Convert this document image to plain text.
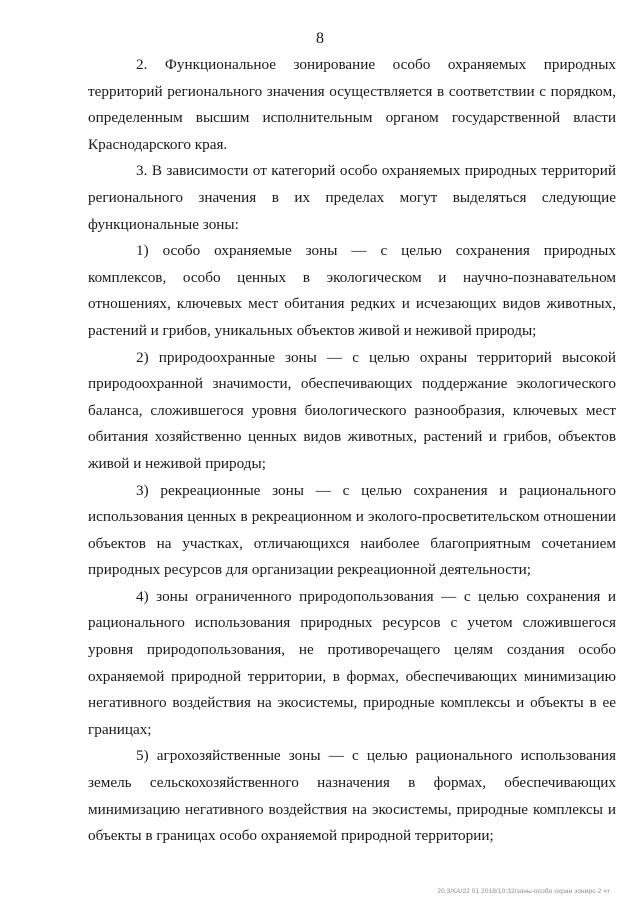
8

2. Функциональное зонирование особо охраняемых природных территорий регионального значения осуществляется в соответствии с порядком, определенным высшим исполнительным органом государственной власти Краснодарского края.

3. В зависимости от категорий особо охраняемых природных территорий регионального значения в их пределах могут выделяться следующие функциональные зоны:

1) особо охраняемые зоны — с целью сохранения природных комплексов, особо ценных в экологическом и научно-познавательном отношениях, ключевых мест обитания редких и исчезающих видов животных, растений и грибов, уникальных объектов живой и неживой природы;

2) природоохранные зоны — с целью охраны территорий высокой природоохранной значимости, обеспечивающих поддержание экологического баланса, сложившегося уровня биологического разнообразия, ключевых мест обитания хозяйственно ценных видов животных, растений и грибов, объектов живой и неживой природы;

3) рекреационные зоны — с целью сохранения и рационального использования ценных в рекреационном и эколого-просветительском отношении объектов на участках, отличающихся наиболее благоприятным сочетанием природных ресурсов для организации рекреационной деятельности;

4) зоны ограниченного природопользования — с целью сохранения и рационального использования природных ресурсов с учетом сложившегося уровня природопользования, не противоречащего целям создания особо охраняемой природной территории, в формах, обеспечивающих минимизацию негативного воздействия на экосистемы, природные комплексы и объекты в ее границах;

5) агрохозяйственные зоны — с целью рационального использования земель сельскохозяйственного назначения в формах, обеспечивающих минимизацию негативного воздействия на экосистемы, природные комплексы и объекты в границах особо охраняемой природной территории;

20.3/КА/22 01 2018/10:32/зоны-особо охран зонирс-2 чт
